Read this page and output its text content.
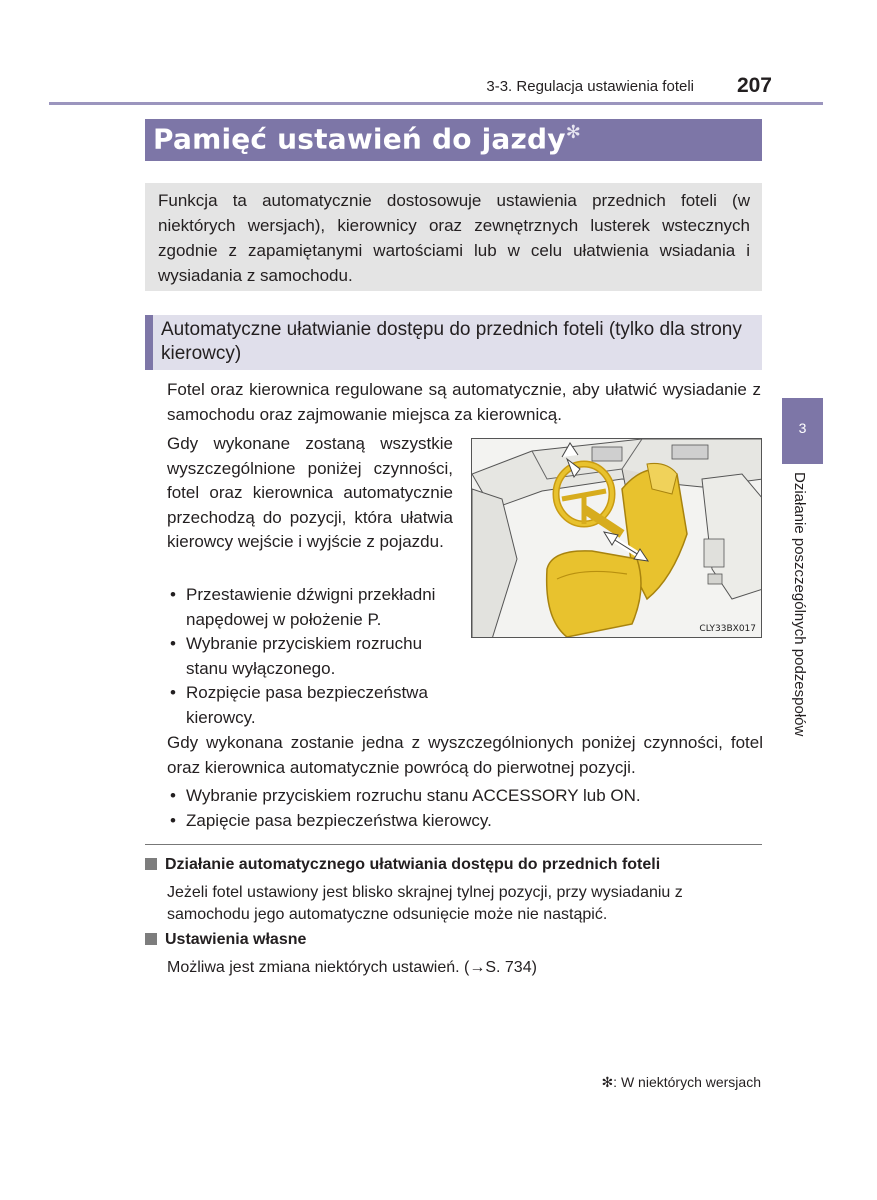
3-3. Regulacja ustawienia foteli 207
Pamięć ustawień do jazdy✻
Funkcja ta automatycznie dostosowuje ustawienia przednich foteli (w niektórych wersjach), kierownicy oraz zewnętrznych lusterek wstecznych zgodnie z zapamiętanymi wartościami lub w celu ułatwienia wsiadania i wysiadania z samochodu.
Automatyczne ułatwianie dostępu do przednich foteli (tylko dla strony kierowcy)

Fotel oraz kierownica regulowane są automatycznie, aby ułatwić wysiadanie z samochodu oraz zajmowanie miejsca za kierownicą.

Gdy wykonane zostaną wszystkie wyszczególnione poniżej czynności, fotel oraz kierownica automatycznie przechodzą do pozycji, która ułatwia kierowcy wejście i wyjście z pojazdu.

• Przestawienie dźwigni przekładni napędowej w położenie P.
• Wybranie przyciskiem rozruchu stanu wyłączonego.
• Rozpięcie pasa bezpieczeństwa kierowcy.
CLY33BX017

Gdy wykonana zostanie jedna z wyszczególnionych poniżej czynności, fotel oraz kierownica automatycznie powrócą do pierwotnej pozycji.

• Wybranie przyciskiem rozruchu stanu ACCESSORY lub ON.
• Zapięcie pasa bezpieczeństwa kierowcy.
Działanie automatycznego ułatwiania dostępu do przednich foteli
Jeżeli fotel ustawiony jest blisko skrajnej tylnej pozycji, przy wysiadaniu z samochodu jego automatyczne odsunięcie może nie nastąpić.
Ustawienia własne
Możliwa jest zmiana niektórych ustawień. (→S. 734)
✻: W niektórych wersjach
3
Działanie poszczególnych podzespołów
